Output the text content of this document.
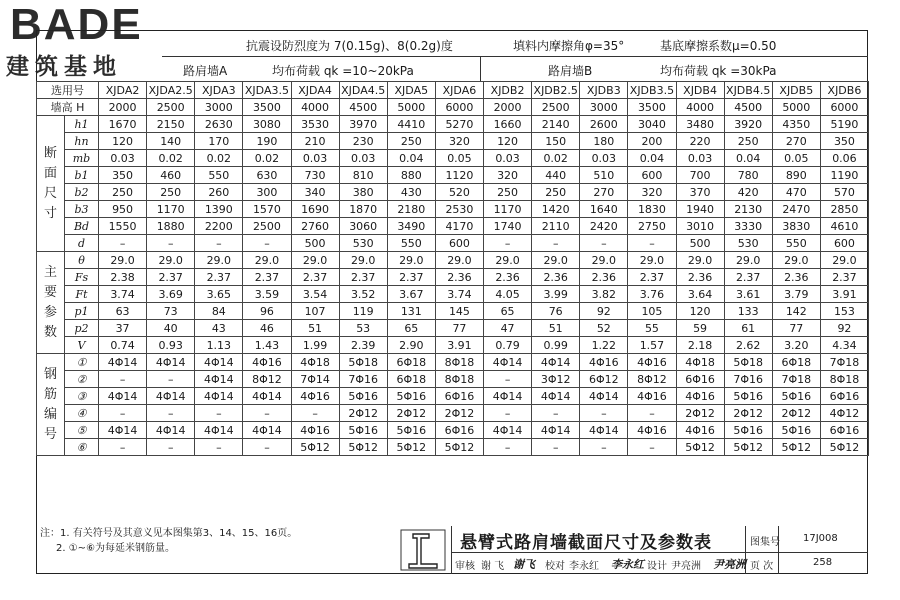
BADE
建筑基地
抗震设防烈度为 7(0.15g)、8(0.2g)度	填料内摩擦角φ=35°	基底摩擦系数μ=0.50
路肩墙A	均布荷载 qk =10~20kPa	路肩墙B	均布荷载 qk =30kPa
选用号		XJDA2	XJDA2.5	XJDA3	XJDA3.5	XJDA4	XJDA4.5	XJDA5	XJDA6	XJDB2	XJDB2.5	XJDB3	XJDB3.5	XJDB4	XJDB4.5	XJDB5	XJDB6
墙高 H		2000	2500	3000	3500	4000	4500	5000	6000	2000	2500	3000	3500	4000	4500	5000	6000
断 面 尺 寸	h1	1670	2150	2630	3080	3530	3970	4410	5270	1660	2140	2600	3040	3480	3920	4350	5190
	hn	120	140	170	190	210	230	250	320	120	150	180	200	220	250	270	350
	mb	0.03	0.02	0.02	0.02	0.03	0.03	0.04	0.05	0.03	0.02	0.03	0.04	0.03	0.04	0.05	0.06
	b1	350	460	550	630	730	810	880	1120	320	440	510	600	700	780	890	1190
	b2	250	250	260	300	340	380	430	520	250	250	270	320	370	420	470	570
	b3	950	1170	1390	1570	1690	1870	2180	2530	1170	1420	1640	1830	1940	2130	2470	2850
	Bd	1550	1880	2200	2500	2760	3060	3490	4170	1740	2110	2420	2750	3010	3330	3830	4610
	d	–	–	–	–	500	530	550	600	–	–	–	–	500	530	550	600
主 要 参 数	θ	29.0	29.0	29.0	29.0	29.0	29.0	29.0	29.0	29.0	29.0	29.0	29.0	29.0	29.0	29.0	29.0
	Fs	2.38	2.37	2.37	2.37	2.37	2.37	2.37	2.36	2.36	2.36	2.36	2.37	2.36	2.37	2.36	2.37
	Ft	3.74	3.69	3.65	3.59	3.54	3.52	3.67	3.74	4.05	3.99	3.82	3.76	3.64	3.61	3.79	3.91
	p1	63	73	84	96	107	119	131	145	65	76	92	105	120	133	142	153
	p2	37	40	43	46	51	53	65	77	47	51	52	55	59	61	77	92
	V	0.74	0.93	1.13	1.43	1.99	2.39	2.90	3.91	0.79	0.99	1.22	1.57	2.18	2.62	3.20	4.34
钢 筋 编 号	①	4Φ14	4Φ14	4Φ14	4Φ16	4Φ18	5Φ18	6Φ18	8Φ18	4Φ14	4Φ14	4Φ16	4Φ16	4Φ18	5Φ18	6Φ18	7Φ18
	②	–	–	4Φ14	8Φ12	7Φ14	7Φ16	6Φ18	8Φ18	–	3Φ12	6Φ12	8Φ12	6Φ16	7Φ16	7Φ18	8Φ18
	③	4Φ14	4Φ14	4Φ14	4Φ14	4Φ16	5Φ16	5Φ16	6Φ16	4Φ14	4Φ14	4Φ14	4Φ16	4Φ16	5Φ16	5Φ16	6Φ16
	④	–	–	–	–	–	2Φ12	2Φ12	2Φ12	–	–	–	–	2Φ12	2Φ12	2Φ12	4Φ12
	⑤	4Φ14	4Φ14	4Φ14	4Φ14	4Φ16	5Φ16	5Φ16	6Φ16	4Φ14	4Φ14	4Φ14	4Φ16	4Φ16	5Φ16	5Φ16	6Φ16
	⑥	–	–	–	–	5Φ12	5Φ12	5Φ12	5Φ12	–	–	–	–	5Φ12	5Φ12	5Φ12	5Φ12
注：1. 有关符号及其意义见本图集第3、14、15、16页。
2. ①~⑥为每延米钢筋量。	悬臂式路肩墙截面尺寸及参数表	图集号 17J008
审核 谢 飞 谢飞 校对 李永红 李永红 设计 尹亮洲 尹亮洲 页 次	258
